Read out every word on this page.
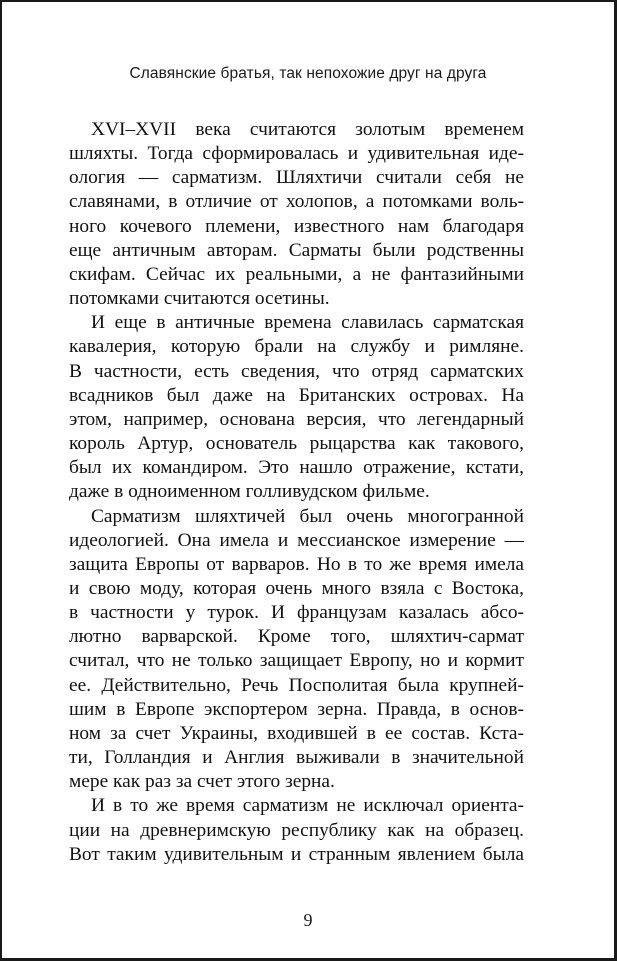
Славянские братья, так непохожие друг на друга
XVI–XVII века считаются золотым временем
шляхты. Тогда сформировалась и удивительная иде-
ология — сарматизм. Шляхтичи считали себя не
славянами, в отличие от холопов, а потомками воль-
ного кочевого племени, известного нам благодаря
еще античным авторам. Сарматы были родственны
скифам. Сейчас их реальными, а не фантазийными
потомками считаются осетины.
И еще в античные времена славилась сарматская
кавалерия, которую брали на службу и римляне.
В частности, есть сведения, что отряд сарматских
всадников был даже на Британских островах. На
этом, например, основана версия, что легендарный
король Артур, основатель рыцарства как такового,
был их командиром. Это нашло отражение, кстати,
даже в одноименном голливудском фильме.
Сарматизм шляхтичей был очень многогранной
идеологией. Она имела и мессианское измерение —
защита Европы от варваров. Но в то же время имела
и свою моду, которая очень много взяла с Востока,
в частности у турок. И французам казалась абсо-
лютно варварской. Кроме того, шляхтич-сармат
считал, что не только защищает Европу, но и кормит
ее. Действительно, Речь Посполитая была крупней-
шим в Европе экспортером зерна. Правда, в основ-
ном за счет Украины, входившей в ее состав. Кста-
ти, Голландия и Англия выживали в значительной
мере как раз за счет этого зерна.
И в то же время сарматизм не исключал ориента-
ции на древнеримскую республику как на образец.
Вот таким удивительным и странным явлением была
9
